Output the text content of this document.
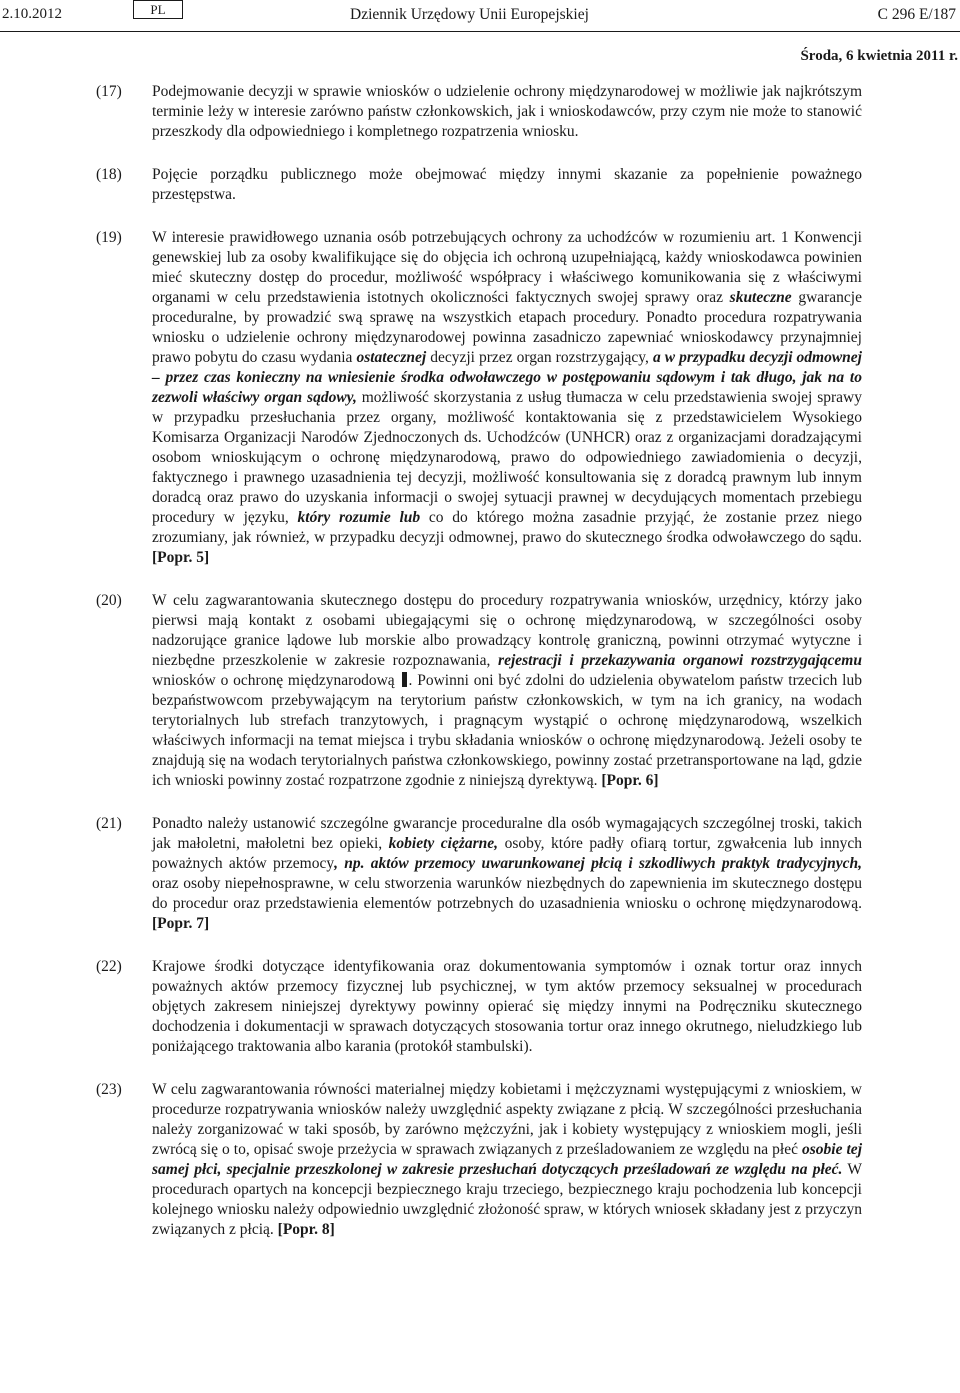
2.10.2012	PL	Dziennik Urzędowy Unii Europejskiej	C 296 E/187
Środa, 6 kwietnia 2011 r.
(17)	Podejmowanie decyzji w sprawie wniosków o udzielenie ochrony międzynarodowej w możliwie jak najkrótszym terminie leży w interesie zarówno państw członkowskich, jak i wnioskodawców, przy czym nie może to stanowić przeszkody dla odpowiedniego i kompletnego rozpatrzenia wniosku.
(18)	Pojęcie porządku publicznego może obejmować między innymi skazanie za popełnienie poważnego przestępstwa.
(19)	W interesie prawidłowego uznania osób potrzebujących ochrony za uchodźców w rozumieniu art. 1 Konwencji genewskiej lub za osoby kwalifikujące się do objęcia ich ochroną uzupełniającą, każdy wnioskodawca powinien mieć skuteczny dostęp do procedur, możliwość współpracy i właściwego komunikowania się z właściwymi organami w celu przedstawienia istotnych okoliczności faktycznych swojej sprawy oraz skuteczne gwarancje proceduralne, by prowadzić swą sprawę na wszystkich etapach procedury. Ponadto procedura rozpatrywania wniosku o udzielenie ochrony międzynarodowej powinna zasadniczo zapewniać wnioskodawcy przynajmniej prawo pobytu do czasu wydania ostatecznej decyzji przez organ rozstrzygający, a w przypadku decyzji odmownej – przez czas konieczny na wniesienie środka odwoławczego w postępowaniu sądowym i tak długo, jak na to zezwoli właściwy organ sądowy, możliwość skorzystania z usług tłumacza w celu przedstawienia swojej sprawy w przypadku przesłuchania przez organy, możliwość kontaktowania się z przedstawicielem Wysokiego Komisarza Organizacji Narodów Zjednoczonych ds. Uchodźców (UNHCR) oraz z organizacjami doradzającymi osobom wnioskującym o ochronę międzynarodową, prawo do odpowiedniego zawiadomienia o decyzji, faktycznego i prawnego uzasadnienia tej decyzji, możliwość konsultowania się z doradcą prawnym lub innym doradcą oraz prawo do uzyskania informacji o swojej sytuacji prawnej w decydujących momentach przebiegu procedury w języku, który rozumie lub co do którego można zasadnie przyjąć, że zostanie przez niego zrozumiany, jak również, w przypadku decyzji odmownej, prawo do skutecznego środka odwoławczego do sądu. [Popr. 5]
(20)	W celu zagwarantowania skutecznego dostępu do procedury rozpatrywania wniosków, urzędnicy, którzy jako pierwsi mają kontakt z osobami ubiegającymi się o ochronę międzynarodową, w szczególności osoby nadzorujące granice lądowe lub morskie albo prowadzący kontrolę graniczną, powinni otrzymać wytyczne i niezbędne przeszkolenie w zakresie rozpoznawania, rejestracji i przekazywania organowi rozstrzygającemu wniosków o ochronę międzynarodową . Powinni oni być zdolni do udzielenia obywatelom państw trzecich lub bezpaństwowcom przebywającym na terytorium państw członkowskich, w tym na ich granicy, na wodach terytorialnych lub strefach tranzytowych, i pragnącym wystąpić o ochronę międzynarodową, wszelkich właściwych informacji na temat miejsca i trybu składania wniosków o ochronę międzynarodową. Jeżeli osoby te znajdują się na wodach terytorialnych państwa członkowskiego, powinny zostać przetransportowane na ląd, gdzie ich wnioski powinny zostać rozpatrzone zgodnie z niniejszą dyrektywą. [Popr. 6]
(21)	Ponadto należy ustanowić szczególne gwarancje proceduralne dla osób wymagających szczególnej troski, takich jak małoletni, małoletni bez opieki, kobiety ciężarne, osoby, które padły ofiarą tortur, zgwałcenia lub innych poważnych aktów przemocy, np. aktów przemocy uwarunkowanej płcią i szkodliwych praktyk tradycyjnych, oraz osoby niepełnosprawne, w celu stworzenia warunków niezbędnych do zapewnienia im skutecznego dostępu do procedur oraz przedstawienia elementów potrzebnych do uzasadnienia wniosku o ochronę międzynarodową. [Popr. 7]
(22)	Krajowe środki dotyczące identyfikowania oraz dokumentowania symptomów i oznak tortur oraz innych poważnych aktów przemocy fizycznej lub psychicznej, w tym aktów przemocy seksualnej w procedurach objętych zakresem niniejszej dyrektywy powinny opierać się między innymi na Podręczniku skutecznego dochodzenia i dokumentacji w sprawach dotyczących stosowania tortur oraz innego okrutnego, nieludzkiego lub poniżającego traktowania albo karania (protokół stambulski).
(23)	W celu zagwarantowania równości materialnej między kobietami i mężczyznami występującymi z wnioskiem, w procedurze rozpatrywania wniosków należy uwzględnić aspekty związane z płcią. W szczególności przesłuchania należy zorganizować w taki sposób, by zarówno mężczyźni, jak i kobiety występujący z wnioskiem mogli, jeśli zwrócą się o to, opisać swoje przeżycia w sprawach związanych z prześladowaniem ze względu na płeć osobie tej samej płci, specjalnie przeszkolonej w zakresie przesłuchań dotyczących prześladowań ze względu na płeć. W procedurach opartych na koncepcji bezpiecznego kraju trzeciego, bezpiecznego kraju pochodzenia lub koncepcji kolejnego wniosku należy odpowiednio uwzględnić złożoność spraw, w których wniosek składany jest z przyczyn związanych z płcią. [Popr. 8]
